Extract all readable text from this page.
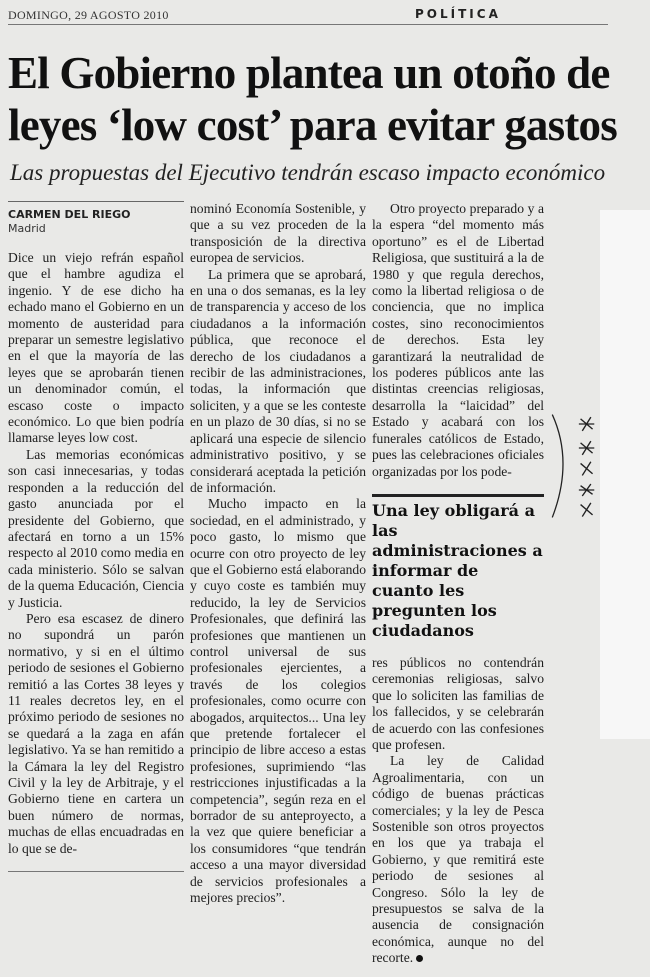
DOMINGO, 29 AGOSTO 2010	POLÍTICA
El Gobierno plantea un otoño de leyes ‘low cost’ para evitar gastos
Las propuestas del Ejecutivo tendrán escaso impacto económico
CARMEN DEL RIEGO
Madrid

Dice un viejo refrán español que el hambre agudiza el ingenio. Y de ese dicho ha echado mano el Gobierno en un momento de austeridad para preparar un semestre legislativo en el que la mayoría de las leyes que se aprobarán tienen un denominador común, el escaso coste o impacto económico. Lo que bien podría llamarse leyes low cost.

Las memorias económicas son casi innecesarias, y todas responden a la reducción del gasto anunciada por el presidente del Gobierno, que afectará en torno a un 15% respecto al 2010 como media en cada ministerio. Sólo se salvan de la quema Educación, Ciencia y Justicia.

Pero esa escasez de dinero no supondrá un parón normativo, y si en el último periodo de sesiones el Gobierno remitió a las Cortes 38 leyes y 11 reales decretos ley, en el próximo periodo de sesiones no se quedará a la zaga en afán legislativo. Ya se han remitido a la Cámara la ley del Registro Civil y la ley de Arbitraje, y el Gobierno tiene en cartera un buen número de normas, muchas de ellas encuadradas en lo que se de-

nominó Economía Sostenible, y que a su vez proceden de la transposición de la directiva europea de servicios.

La primera que se aprobará, en una o dos semanas, es la ley de transparencia y acceso de los ciudadanos a la información pública, que reconoce el derecho de los ciudadanos a recibir de las administraciones, todas, la información que soliciten, y a que se les conteste en un plazo de 30 días, si no se aplicará una especie de silencio administrativo positivo, y se considerará aceptada la petición de información.

Mucho impacto en la sociedad, en el administrado, y poco gasto, lo mismo que ocurre con otro proyecto de ley que el Gobierno está elaborando y cuyo coste es también muy reducido, la ley de Servicios Profesionales, que definirá las profesiones que mantienen un control universal de sus profesionales ejercientes, a través de los colegios profesionales, como ocurre con abogados, arquitectos... Una ley que pretende fortalecer el principio de libre acceso a estas profesiones, suprimiendo “las restricciones injustificadas a la competencia”, según reza en el borrador de su anteproyecto, a la vez que quiere beneficiar a los consumidores “que tendrán acceso a una mayor diversidad de servicios profesionales a mejores precios”.

Otro proyecto preparado y a la espera “del momento más oportuno” es el de Libertad Religiosa, que sustituirá a la de 1980 y que regula derechos, como la libertad religiosa o de conciencia, que no implica costes, sino reconocimientos de derechos. Esta ley garantizará la neutralidad de los poderes públicos ante las distintas creencias religiosas, desarrolla la “laicidad” del Estado y acabará con los funerales católicos de Estado, pues las celebraciones oficiales organizadas por los pode-

Una ley obligará a las administraciones a informar de cuanto les pregunten los ciudadanos

res públicos no contendrán ceremonias religiosas, salvo que lo soliciten las familias de los fallecidos, y se celebrarán de acuerdo con las confesiones que profesen.

La ley de Calidad Agroalimentaria, con un código de buenas prácticas comerciales; y la ley de Pesca Sostenible son otros proyectos en los que ya trabaja el Gobierno, y que remitirá este periodo de sesiones al Congreso. Sólo la ley de presupuestos se salva de la ausencia de consignación económica, aunque no del recorte.
